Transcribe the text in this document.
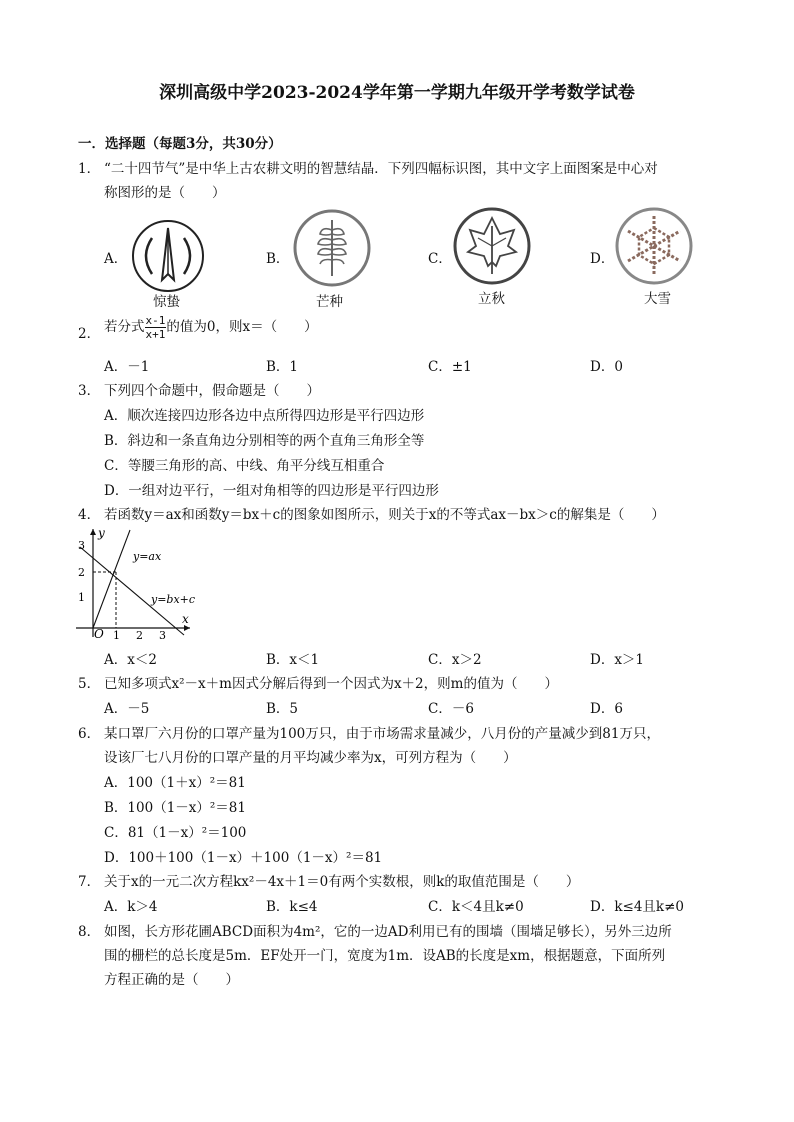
深圳高级中学2023-2024学年第一学期九年级开学考数学试卷
一．选择题（每题3分，共30分）
1． “二十四节气”是中华上古农耕文明的智慧结晶．下列四幅标识图，其中文字上面图案是中心对
称图形的是（　　）
A．	B．	C．	D．
惊蛰	芒种	立秋	大雪
2． 若分式 $\frac{x-1}{x+1}$ 的值为0，则x＝（　　）
A．－1	B．1	C．±1	D．0
3． 下列四个命题中，假命题是（　　）
A．顺次连接四边形各边中点所得四边形是平行四边形
B．斜边和一条直角边分别相等的两个直角三角形全等
C．等腰三角形的高、中线、角平分线互相重合
D．一组对边平行，一组对角相等的四边形是平行四边形
4． 若函数y＝ax和函数y＝bx＋c的图象如图所示，则关于x的不等式ax－bx＞c的解集是（　　）
y
x
O
3
2
1
1 2 3
y=ax
y=bx+c
A．x＜2	B．x＜1	C．x＞2	D．x＞1
5． 已知多项式x²－x＋m因式分解后得到一个因式为x＋2，则m的值为（　　）
A．－5	B．5	C．－6	D．6
6． 某口罩厂六月份的口罩产量为100万只，由于市场需求量减少，八月份的产量减少到81万只，
设该厂七八月份的口罩产量的月平均减少率为x，可列方程为（　　）
A．100（1＋x）²＝81
B．100（1－x）²＝81
C．81（1－x）²＝100
D．100＋100（1－x）＋100（1－x）²＝81
7． 关于x的一元二次方程kx²－4x＋1＝0有两个实数根，则k的取值范围是（　　）
A．k＞4	B．k≤4	C．k＜4且k≠0	D．k≤4且k≠0
8． 如图，长方形花圃ABCD面积为4m²，它的一边AD利用已有的围墙（围墙足够长），另外三边所
围的栅栏的总长度是5m．EF处开一门，宽度为1m．设AB的长度是xm，根据题意，下面所列
方程正确的是（　　）
